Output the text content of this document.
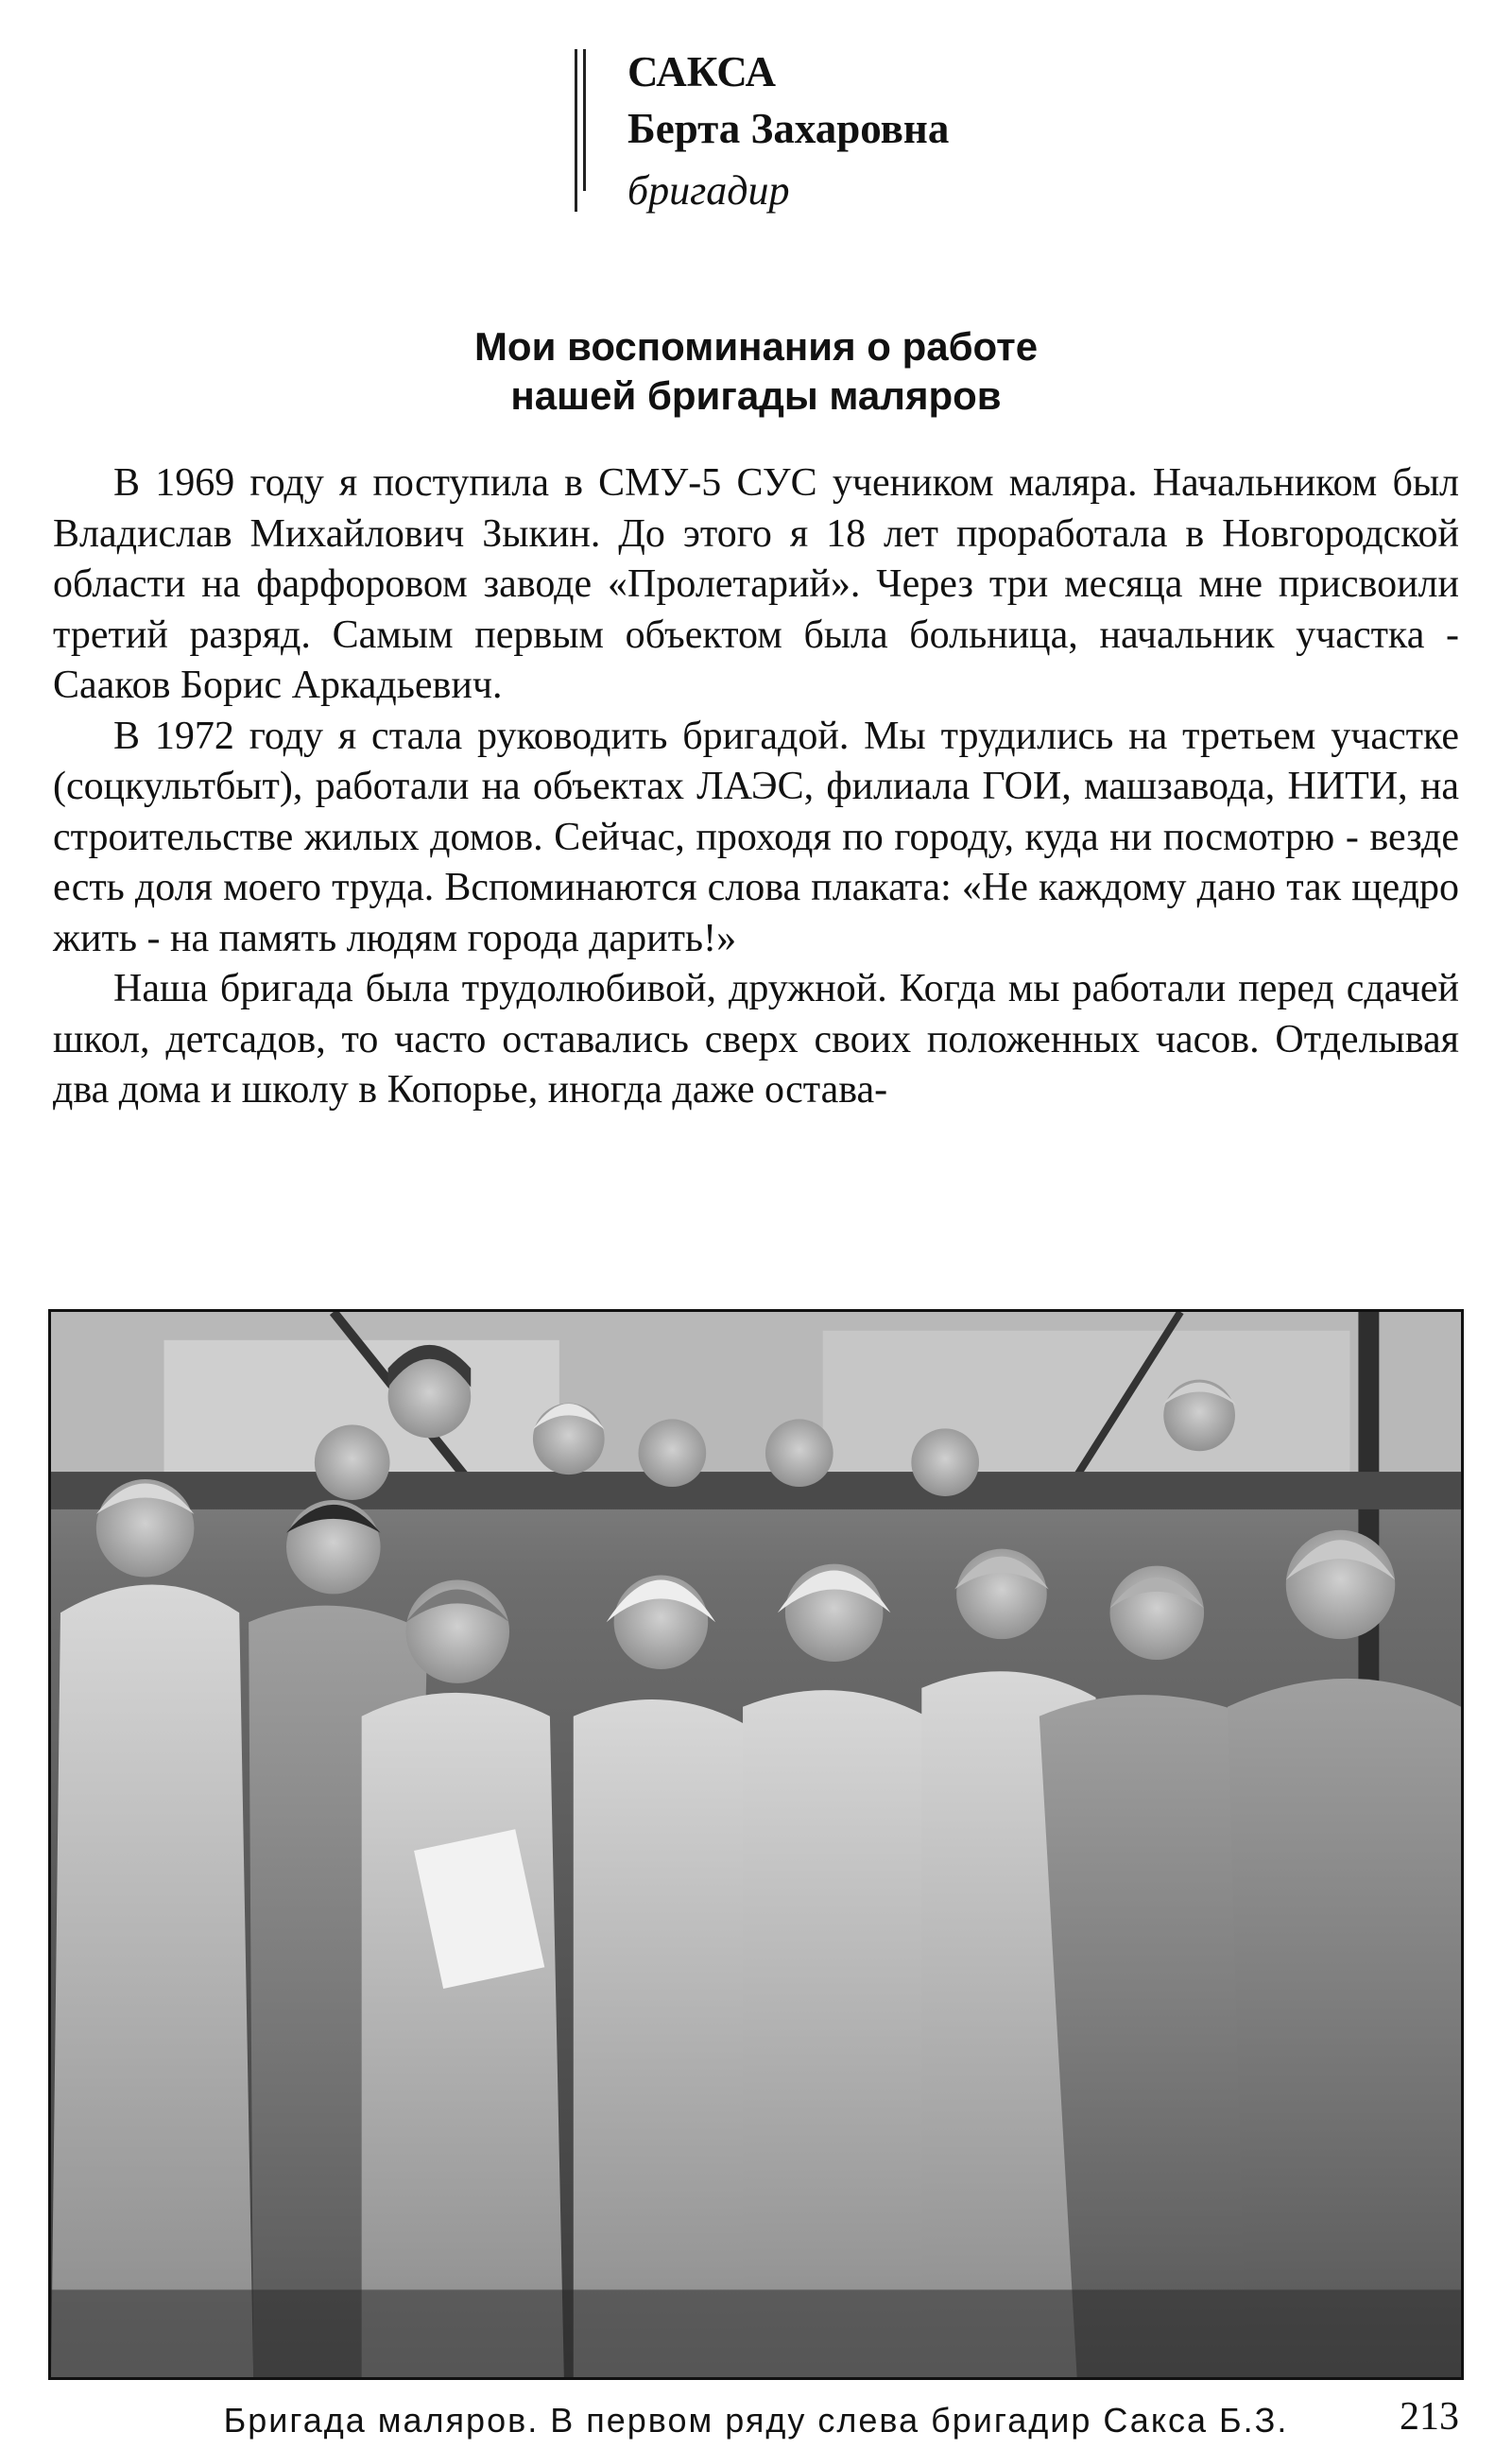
САКСА

Берта Захаровна

бригадир

Мои воспоминания о работе
нашей бригады маляров

В 1969 году я поступила в СМУ-5 СУС учеником маляра. Начальником был Владислав Михайлович Зыкин. До этого я 18 лет проработала в Новгородской области на фарфоровом заводе «Пролетарий». Через три месяца мне присвоили третий разряд. Самым первым объектом была больница, начальник участка - Сааков Борис Аркадьевич.

В 1972 году я стала руководить бригадой. Мы трудились на третьем участке (соцкультбыт), работали на объектах ЛАЭС, филиала ГОИ, машзавода, НИТИ, на строительстве жилых домов. Сейчас, проходя по городу, куда ни посмотрю - везде есть доля моего труда. Вспоминаются слова плаката: «Не каждому дано так щедро жить - на память людям города дарить!»

Наша бригада была трудолюбивой, дружной. Когда мы работали перед сдачей школ, детсадов, то часто оставались сверх своих положенных часов. Отделывая два дома и школу в Копорье, иногда даже остава-

Бригада маляров. В первом ряду слева бригадир Сакса Б.З.	213
